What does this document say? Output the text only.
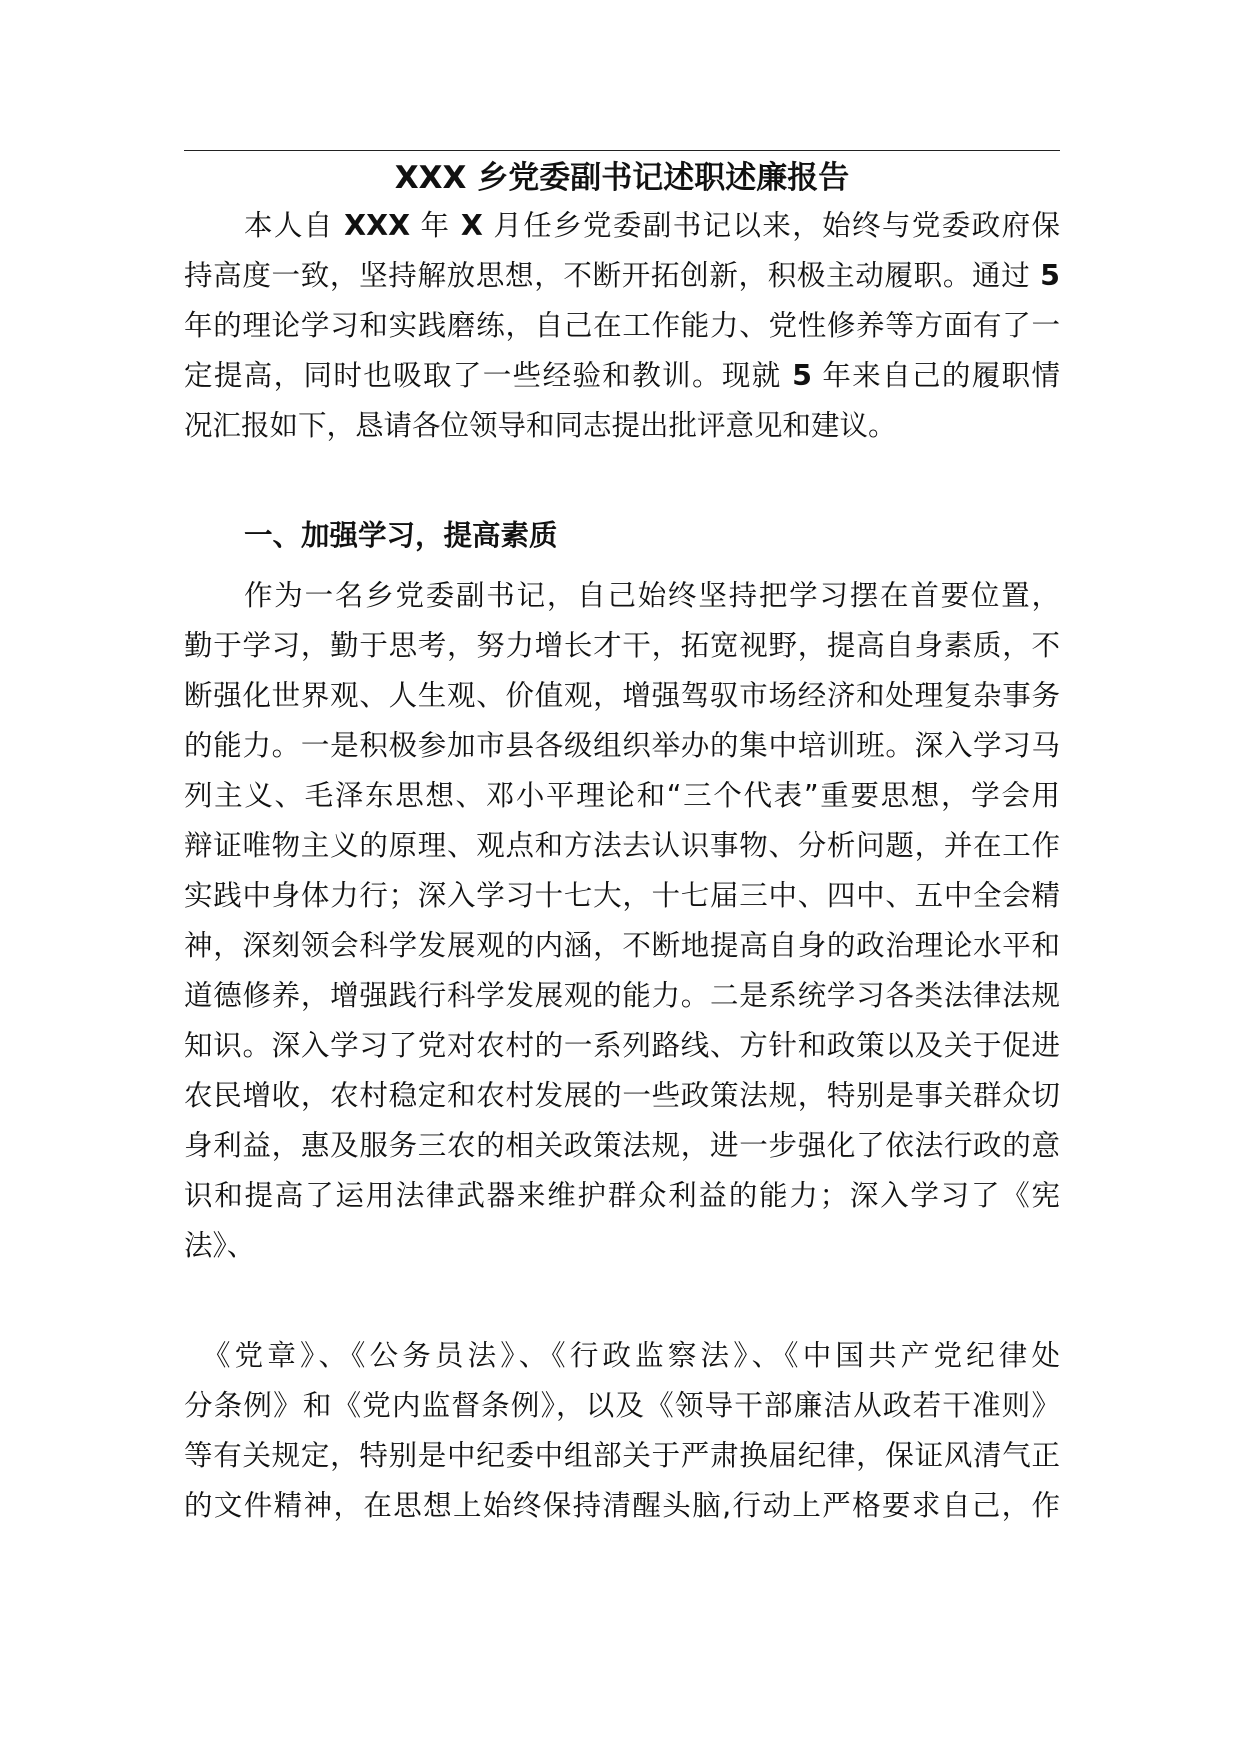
XXX 乡党委副书记述职述廉报告
本人自 XXX 年 X 月任乡党委副书记以来，始终与党委政府保
持高度一致，坚持解放思想，不断开拓创新，积极主动履职。通过 5
年的理论学习和实践磨练，自己在工作能力、党性修养等方面有了一
定提高，同时也吸取了一些经验和教训。现就 5 年来自己的履职情
况汇报如下，恳请各位领导和同志提出批评意见和建议。
一、加强学习，提高素质
作为一名乡党委副书记，自己始终坚持把学习摆在首要位置，
勤于学习，勤于思考，努力增长才干，拓宽视野，提高自身素质，不
断强化世界观、人生观、价值观，增强驾驭市场经济和处理复杂事务
的能力。一是积极参加市县各级组织举办的集中培训班。深入学习马
列主义、毛泽东思想、邓小平理论和“三个代表”重要思想，学会用
辩证唯物主义的原理、观点和方法去认识事物、分析问题，并在工作
实践中身体力行；深入学习十七大，十七届三中、四中、五中全会精
神，深刻领会科学发展观的内涵，不断地提高自身的政治理论水平和
道德修养，增强践行科学发展观的能力。二是系统学习各类法律法规
知识。深入学习了党对农村的一系列路线、方针和政策以及关于促进
农民增收，农村稳定和农村发展的一些政策法规，特别是事关群众切
身利益，惠及服务三农的相关政策法规，进一步强化了依法行政的意
识和提高了运用法律武器来维护群众利益的能力；深入学习了《宪
法》、
《党章》、《公务员法》、《行政监察法》、《中国共产党纪律处
分条例》和《党内监督条例》，以及《领导干部廉洁从政若干准则》
等有关规定，特别是中纪委中组部关于严肃换届纪律，保证风清气正
的文件精神，在思想上始终保持清醒头脑,行动上严格要求自己，作
